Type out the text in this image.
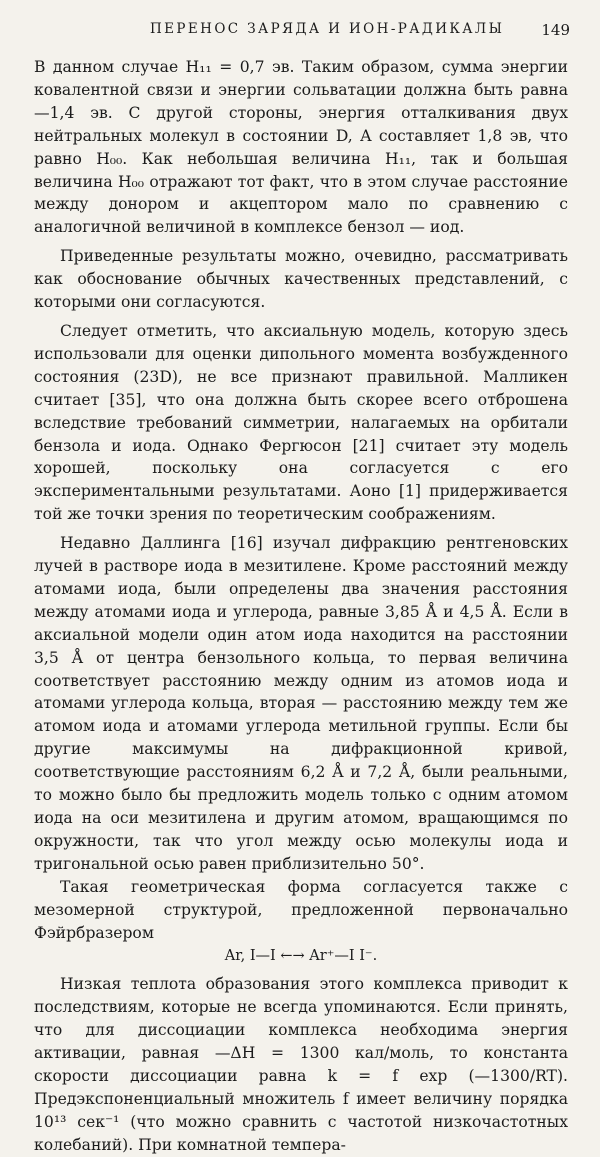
ПЕРЕНОС ЗАРЯДА И ИОН-РАДИКАЛЫ 149

В данном случае H₁₁ = 0,7 эв. Таким образом, сумма энергии ковалентной связи и энергии сольватации должна быть равна —1,4 эв. С другой стороны, энергия отталкивания двух нейтральных молекул в состоянии D, A составляет 1,8 эв, что равно H₀₀. Как небольшая величина H₁₁, так и большая величина H₀₀ отражают тот факт, что в этом случае расстояние между донором и акцептором мало по сравнению с аналогичной величиной в комплексе бензол — иод.

Приведенные результаты можно, очевидно, рассматривать как обоснование обычных качественных представлений, с которыми они согласуются.

Следует отметить, что аксиальную модель, которую здесь использовали для оценки дипольного момента возбужденного состояния (23D), не все признают правильной. Малликен считает [35], что она должна быть скорее всего отброшена вследствие требований симметрии, налагаемых на орбитали бензола и иода. Однако Фергюсон [21] считает эту модель хорошей, поскольку она согласуется с его экспериментальными результатами. Аоно [1] придерживается той же точки зрения по теоретическим соображениям.

Недавно Даллинга [16] изучал дифракцию рентгеновских лучей в растворе иода в мезитилене. Кроме расстояний между атомами иода, были определены два значения расстояния между атомами иода и углерода, равные 3,85 Å и 4,5 Å. Если в аксиальной модели один атом иода находится на расстоянии 3,5 Å от центра бензольного кольца, то первая величина соответствует расстоянию между одним из атомов иода и атомами углерода кольца, вторая — расстоянию между тем же атомом иода и атомами углерода метильной группы. Если бы другие максимумы на дифракционной кривой, соответствующие расстояниям 6,2 Å и 7,2 Å, были реальными, то можно было бы предложить модель только с одним атомом иода на оси мезитилена и другим атомом, вращающимся по окружности, так что угол между осью молекулы иода и тригональной осью равен приблизительно 50°.

Такая геометрическая форма согласуется также с мезомерной структурой, предложенной первоначально Фэйрбразером

Ar, I—I ←→ Ar⁺—I I⁻.

Низкая теплота образования этого комплекса приводит к последствиям, которые не всегда упоминаются. Если принять, что для диссоциации комплекса необходима энергия активации, равная —ΔH = 1300 кал/моль, то константа скорости диссоциации равна k = f exp (—1300/RT). Предэкспоненциальный множитель f имеет величину порядка 10¹³ сек⁻¹ (что можно сравнить с частотой низкочастотных колебаний). При комнатной темпера-
